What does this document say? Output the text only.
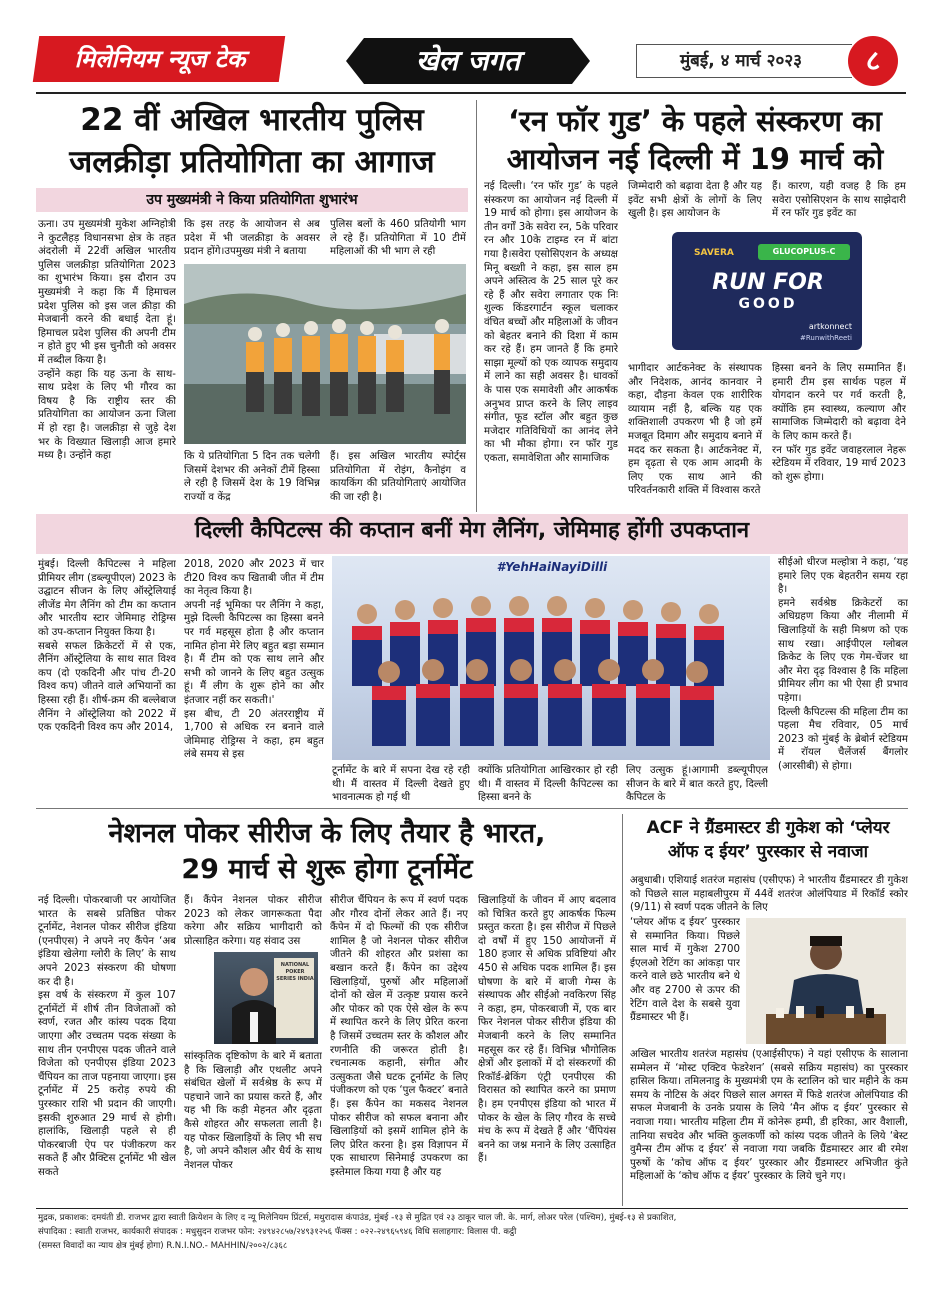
मिलेनियम न्यूज टेक	खेल जगत	मुंबई, ४ मार्च २०२३	८
22 वीं अखिल भारतीय पुलिस
जलक्रीड़ा प्रतियोगिता का आगाज
उप मुख्यमंत्री ने किया प्रतियोगिता शुभारंभ
ऊना। उप मुख्यमंत्री मुकेश अग्निहोत्री ने कुटलैहड़ विधानसभा क्षेत्र के तहत अंदरोली में 22वीं अखिल भारतीय पुलिस जलक्रीड़ा प्रतियोगिता 2023 का शुभारंभ किया। इस दौरान उप मुख्यमंत्री ने कहा कि मैं हिमाचल प्रदेश पुलिस को इस जल क्रीड़ा की मेजबानी करने की बधाई देता हूं। हिमाचल प्रदेश पुलिस की अपनी टीम न होते हुए भी इस चुनौती को अवसर में तब्दील किया है।
उन्होंने कहा कि यह ऊना के साथ-साथ प्रदेश के लिए भी गौरव का विषय है कि राष्ट्रीय स्तर की प्रतियोगिता का आयोजन ऊना जिला में हो रहा है। जलक्रीड़ा से जुड़े देश भर के विख्यात खिलाड़ी आज हमारे मध्य है। उन्होंने कहा
कि इस तरह के आयोजन से अब प्रदेश में भी जलक्रीड़ा के अवसर प्रदान होंगे।उपमुख्य मंत्री ने बताया
पुलिस बलों के 460 प्रतियोगी भाग ले रहे हैं। प्रतियोगिता में 10 टीमें महिलाओं की भी भाग ले रही
कि ये प्रतियोगिता 5 दिन तक चलेगी जिसमें देशभर की अनेकों टीमें हिस्सा ले रही है जिसमें देश के 19 विभिन्न राज्यों व केंद्र
हैं। इस अखिल भारतीय स्पोर्ट्स प्रतियोगिता में रोइंग, कैनोइंग व कायकिंग की प्रतियोगिताएं आयोजित की जा रही है।
‘रन फॉर गुड’ के पहले संस्करण का
आयोजन नई दिल्ली में 19 मार्च को
नई दिल्ली। ‘रन फॉर गुड’ के पहले संस्करण का आयोजन नई दिल्ली में 19 मार्च को होगा। इस आयोजन के तीन वर्गों 3के सवेरा रन, 5के परिवार रन और 10के टाइम्ड रन में बांटा गया है।सवेरा एसोसिएशन के अध्यक्ष मिनू बख्शी ने कहा, इस साल हम अपने अस्तित्व के 25 साल पूरे कर रहे हैं और सवेरा लगातार एक निः शुल्क किंडरगार्टन स्कूल चलाकर वंचित बच्चों और महिलाओं के जीवन को बेहतर बनाने की दिशा में काम कर रहे हैं। हम जानते हैं कि हमारे साझा मूल्यों को एक व्यापक समुदाय में लाने का सही अवसर है। धावकों के पास एक समावेशी और आकर्षक अनुभव प्राप्त करने के लिए लाइव संगीत, फूड स्टॉल और बहुत कुछ मजेदार गतिविधियों का आनंद लेने का भी मौका होगा। रन फॉर गुड एकता, समावेशिता और सामाजिक
जिम्मेदारी को बढ़ावा देता है और यह इवेंट सभी क्षेत्रों के लोगों के लिए खुली है। इस आयोजन के
हैं। कारण, यही वजह है कि हम सवेरा एसोसिएशन के साथ साझेदारी में रन फॉर गुड इवेंट का
SAVERA	GLUCOPLUS-C
RUN FOR
GOOD
artkonnect
#RunwithReeti
भागीदार आर्टकनेक्ट के संस्थापक और निदेशक, आनंद कानवार ने कहा, दौड़ना केवल एक शारीरिक व्यायाम नहीं है, बल्कि यह एक शक्तिशाली उपकरण भी है जो हमें मजबूत दिमाग और समुदाय बनाने में मदद कर सकता है। आर्टकनेक्ट में, हम दृढ़ता से एक आम आदमी के लिए एक साथ आने की परिवर्तनकारी शक्ति में विश्वास करते
हिस्सा बनने के लिए सम्मानित हैं। हमारी टीम इस सार्थक पहल में योगदान करने पर गर्व करती है, क्योंकि हम स्वास्थ्य, कल्याण और सामाजिक जिम्मेदारी को बढ़ावा देने के लिए काम करते हैं।
रन फॉर गुड इवेंट जवाहरलाल नेहरू स्टेडियम में रविवार, 19 मार्च 2023 को शुरू होगा।
दिल्ली कैपिटल्स की कप्तान बनीं मेग लैनिंग, जेमिमाह होंगी उपकप्तान
मुंबई। दिल्ली कैपिटल्स ने महिला प्रीमियर लीग (डब्ल्यूपीएल) 2023 के उद्घाटन सीजन के लिए ऑस्ट्रेलियाई लीजेंड मेग लैनिंग को टीम का कप्तान और भारतीय स्टार जेमिमाह रोड्रिग्स को उप-कप्तान नियुक्त किया है।
सबसे सफल क्रिकेटरों में से एक, लैनिंग ऑस्ट्रेलिया के साथ सात विश्व कप (दो एकदिनी और पांच टी-20 विश्व कप) जीतने वाले अभियानों का हिस्सा रही हैं। शीर्ष-क्रम की बल्लेबाज लैनिंग ने ऑस्ट्रेलिया को 2022 में एक एकदिनी विश्व कप और 2014,
2018, 2020 और 2023 में चार टी20 विश्व कप खिताबी जीत में टीम का नेतृत्व किया है।
अपनी नई भूमिका पर लैनिंग ने कहा, मुझे दिल्ली कैपिटल्स का हिस्सा बनने पर गर्व महसूस होता है और कप्तान नामित होना मेरे लिए बहुत बड़ा सम्मान है। मैं टीम को एक साथ लाने और सभी को जानने के लिए बहुत उत्सुक हूं। मैं लीग के शुरू होने का और इंतजार नहीं कर सकती।'
इस बीच, टी 20 अंतरराष्ट्रीय में 1,700 से अधिक रन बनाने वाले जेमिमाह रोड्रिग्स ने कहा, हम बहुत लंबे समय से इस
#YehHaiNayiDilli
टूर्नामेंट के बारे में सपना देख रहे रही थी। मैं वास्तव में दिल्ली देखते हुए भावनात्मक हो गई थी
क्योंकि प्रतियोगिता आखिरकार हो रही थी। मैं वास्तव में दिल्ली कैपिटल्स का हिस्सा बनने के
लिए उत्सुक हूं।आगामी डब्ल्यूपीएल सीजन के बारे में बात करते हुए, दिल्ली कैपिटल के
सीईओ धीरज मल्होत्रा ने कहा, ‘यह हमारे लिए एक बेहतरीन समय रहा है।
हमने सर्वश्रेष्ठ क्रिकेटरों का अधिग्रहण किया और नीलामी में खिलाड़ियों के सही मिश्रण को एक साथ रखा। आईपीएल ग्लोबल क्रिकेट के लिए एक गेम-चेंजर था और मेरा दृढ़ विश्वास है कि महिला प्रीमियर लीग का भी ऐसा ही प्रभाव पड़ेगा।
दिल्ली कैपिटल्स की महिला टीम का पहला मैच रविवार, 05 मार्च 2023 को मुंबई के ब्रेबोर्न स्टेडियम में रॉयल चैलेंजर्स बैंगलोर (आरसीबी) से होगा।
नेशनल पोकर सीरीज के लिए तैयार है भारत,
29 मार्च से शुरू होगा टूर्नामेंट
नई दिल्ली। पोकरबाजी पर आयोजित भारत के सबसे प्रतिष्ठित पोकर टूर्नामेंट, नेशनल पोकर सीरीज इंडिया (एनपीएस) ने अपने नए कैंपेन ‘अब इंडिया खेलेगा ग्लोरी के लिए’ के साथ अपने 2023 संस्करण की घोषणा कर दी है।
इस वर्ष के संस्करण में कुल 107 टूर्नामेंटों में शीर्ष तीन विजेताओं को स्वर्ण, रजत और कांस्य पदक दिया जाएगा और उच्चतम पदक संख्या के साथ तीन एनपीएस पदक जीतने वाले विजेता को एनपीएस इंडिया 2023 चैंपियन का ताज पहनाया जाएगा। इस टूर्नामेंट में 25 करोड़ रुपये की पुरस्कार राशि भी प्रदान की जाएगी। इसकी शुरुआत 29 मार्च से होगी। हालांकि, खिलाड़ी पहले से ही पोकरबाजी ऐप पर पंजीकरण कर सकते हैं और प्रैक्टिस टूर्नामेंट भी खेल सकते
हैं। कैंपेन नेशनल पोकर सीरीज 2023 को लेकर जागरूकता पैदा करेगा और सक्रिय भागीदारी को प्रोत्साहित करेगा। यह संवाद उस
NATIONAL POKER SERIES INDIA
सांस्कृतिक दृष्टिकोण के बारे में बताता है कि खिलाड़ी और एथलीट अपने संबंधित खेलों में सर्वश्रेष्ठ के रूप में पहचाने जाने का प्रयास करते हैं, और यह भी कि कड़ी मेहनत और दृढ़ता कैसे शोहरत और सफलता लाती है। यह पोकर खिलाड़ियों के लिए भी सच है, जो अपने कौशल और धैर्य के साथ नेशनल पोकर
सीरीज चैंपियन के रूप में स्वर्ण पदक और गौरव दोनों लेकर आते हैं। नए कैंपेन में दो फिल्मों की एक सीरीज शामिल है जो नेशनल पोकर सीरीज जीतने की शोहरत और प्रशंसा का बखान करते हैं। कैंपेन का उद्देश्य खिलाड़ियों, पुरुषों और महिलाओं दोनों को खेल में उत्कृष्ट प्रयास करने और पोकर को एक ऐसे खेल के रूप में स्थापित करने के लिए प्रेरित करना है जिसमें उच्चतम स्तर के कौशल और रणनीति की जरूरत होती है। रचनात्मक कहानी, संगीत और उत्सुकता जैसे घटक टूर्नामेंट के लिए पंजीकरण को एक ‘पुल फैक्टर’ बनाते हैं। इस कैंपेन का मकसद नेशनल पोकर सीरीज को सफल बनाना और खिलाड़ियों को इसमें शामिल होने के लिए प्रेरित करना है। इस विज्ञापन में एक साधारण सिनेमाई उपकरण का इस्तेमाल किया गया है और यह
खिलाड़ियों के जीवन में आए बदलाव को चित्रित करते हुए आकर्षक फिल्म प्रस्तुत करता है। इस सीरीज में पिछले दो वर्षों में हुए 150 आयोजनों में 180 हजार से अधिक प्रविष्टियां और 450 से अधिक पदक शामिल हैं। इस घोषणा के बारे में बाजी गेम्स के संस्थापक और सीईओ नवकिरण सिंह ने कहा, हम, पोकरबाजी में, एक बार फिर नेशनल पोकर सीरीज इंडिया की मेजबानी करने के लिए सम्मानित महसूस कर रहे हैं। विभिन्न भौगोलिक क्षेत्रों और इलाकों में दो संस्करणों की रिकॉर्ड-ब्रेकिंग एंट्री एनपीएस की विरासत को स्थापित करने का प्रमाण है। हम एनपीएस इंडिया को भारत में पोकर के खेल के लिए गौरव के सच्चे मंच के रूप में देखते हैं और ‘चैंपियंस बनने का जश्न मनाने के लिए उत्साहित हैं।
ACF ने ग्रैंडमास्टर डी गुकेश को ‘प्लेयर
ऑफ द ईयर’ पुरस्कार से नवाजा
अबुधाबी। एशियाई शतरंज महासंघ (एसीएफ) ने भारतीय ग्रैंडमास्टर डी गुकेश को पिछले साल महाबलीपुरम में 44वें शतरंज ओलंपियाड में रिकॉर्ड स्कोर (9/11) से स्वर्ण पदक जीतने के लिए
‘प्लेयर ऑफ द ईयर’ पुरस्कार से सम्मानित किया। पिछले साल मार्च में गुकेश 2700 ईएलओ रेटिंग का आंकड़ा पार करने वाले छठे भारतीय बने थे और वह 2700 से ऊपर की रेटिंग वाले देश के सबसे युवा ग्रैंडमास्टर भी हैं।
अखिल भारतीय शतरंज महासंघ (एआईसीएफ) ने यहां एसीएफ के सालाना सम्मेलन में ‘मोस्ट एक्टिव फेडरेशन’ (सबसे सक्रिय महासंघ) का पुरस्कार हासिल किया। तमिलनाडु के मुख्यमंत्री एम के स्टालिन को चार महीने के कम समय के नोटिस के अंदर पिछले साल अगस्त में फिडे शतरंज ओलंपियाड की सफल मेजबानी के उनके प्रयास के लिये ‘मैन ऑफ द ईयर’ पुरस्कार से नवाजा गया। भारतीय महिला टीम में कोनेरू हम्पी, डी हरिका, आर वैशाली, तानिया सचदेव और भक्ति कुलकर्णी को कांस्य पदक जीतने के लिये ‘बेस्ट वुमैन्स टीम ऑफ द ईयर’ से नवाजा गया जबकि ग्रैंडमास्टर आर बी रमेश पुरुषों के ‘कोच ऑफ द ईयर’ पुरस्कार और ग्रैंडमास्टर अभिजीत कुंते महिलाओं के ‘कोच ऑफ द ईयर’ पुरस्कार के लिये चुने गए।
मुद्रक, प्रकाशक: दमयंती डी. राजभर द्वारा स्वाती क्रियेशन के लिए द न्यू मिलेनियम प्रिंटर्स, मथुरादास कंपाउंड, मुंबई -१३ से मुद्रित एवं २३ ठाकूर चाल जी. के. मार्ग, लोअर परेल (पश्चिम), मुंबई-१३ से प्रकाशित,
संपादिका : स्वाती राजभर, कार्यकारी संपादक : मधुसुदन राजभर फोन: २४९४२८५७/२४९३१२५६ फॅक्स : ०२२-२४९६५९४६ विधि सलाहगार: विलास पी. कट्ठी
(समस्त विवादों का न्याय क्षेत्र मुंबई होगा) R.N.I.NO.- MAHHIN/२००२/८३६८
